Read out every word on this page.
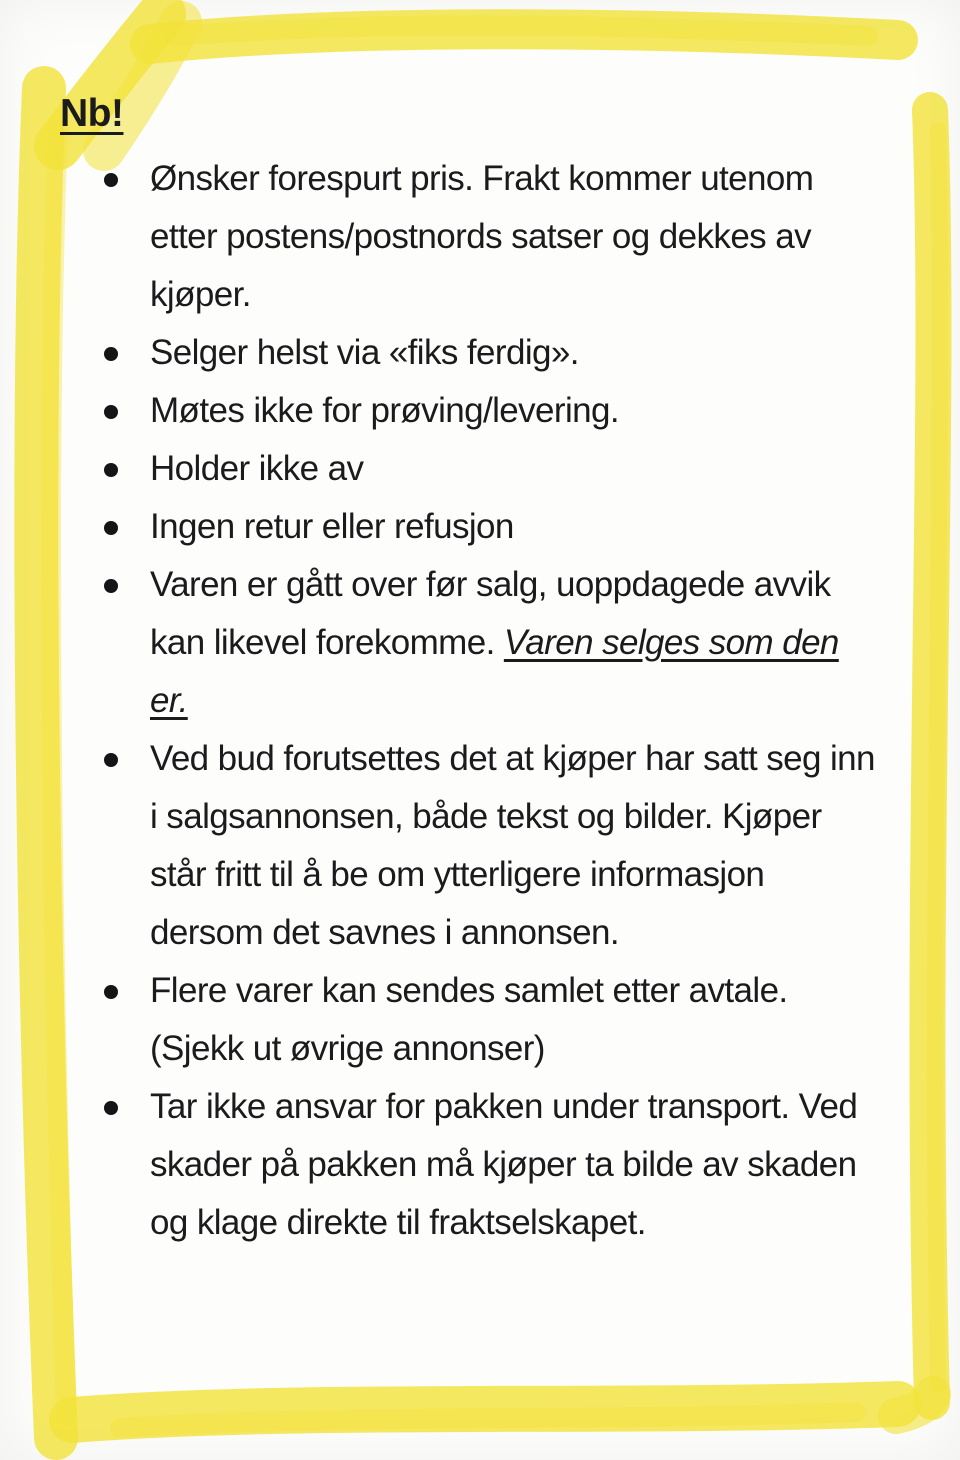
Nb!

Ønsker forespurt pris. Frakt kommer utenom etter postens/postnords satser og dekkes av kjøper.

Selger helst via «fiks ferdig».

Møtes ikke for prøving/levering.

Holder ikke av

Ingen retur eller refusjon

Varen er gått over før salg, uoppdagede avvik kan likevel forekomme. Varen selges som den er.

Ved bud forutsettes det at kjøper har satt seg inn i salgsannonsen, både tekst og bilder. Kjøper står fritt til å be om ytterligere informasjon dersom det savnes i annonsen.

Flere varer kan sendes samlet etter avtale. (Sjekk ut øvrige annonser)

Tar ikke ansvar for pakken under transport. Ved skader på pakken må kjøper ta bilde av skaden og klage direkte til fraktselskapet.
